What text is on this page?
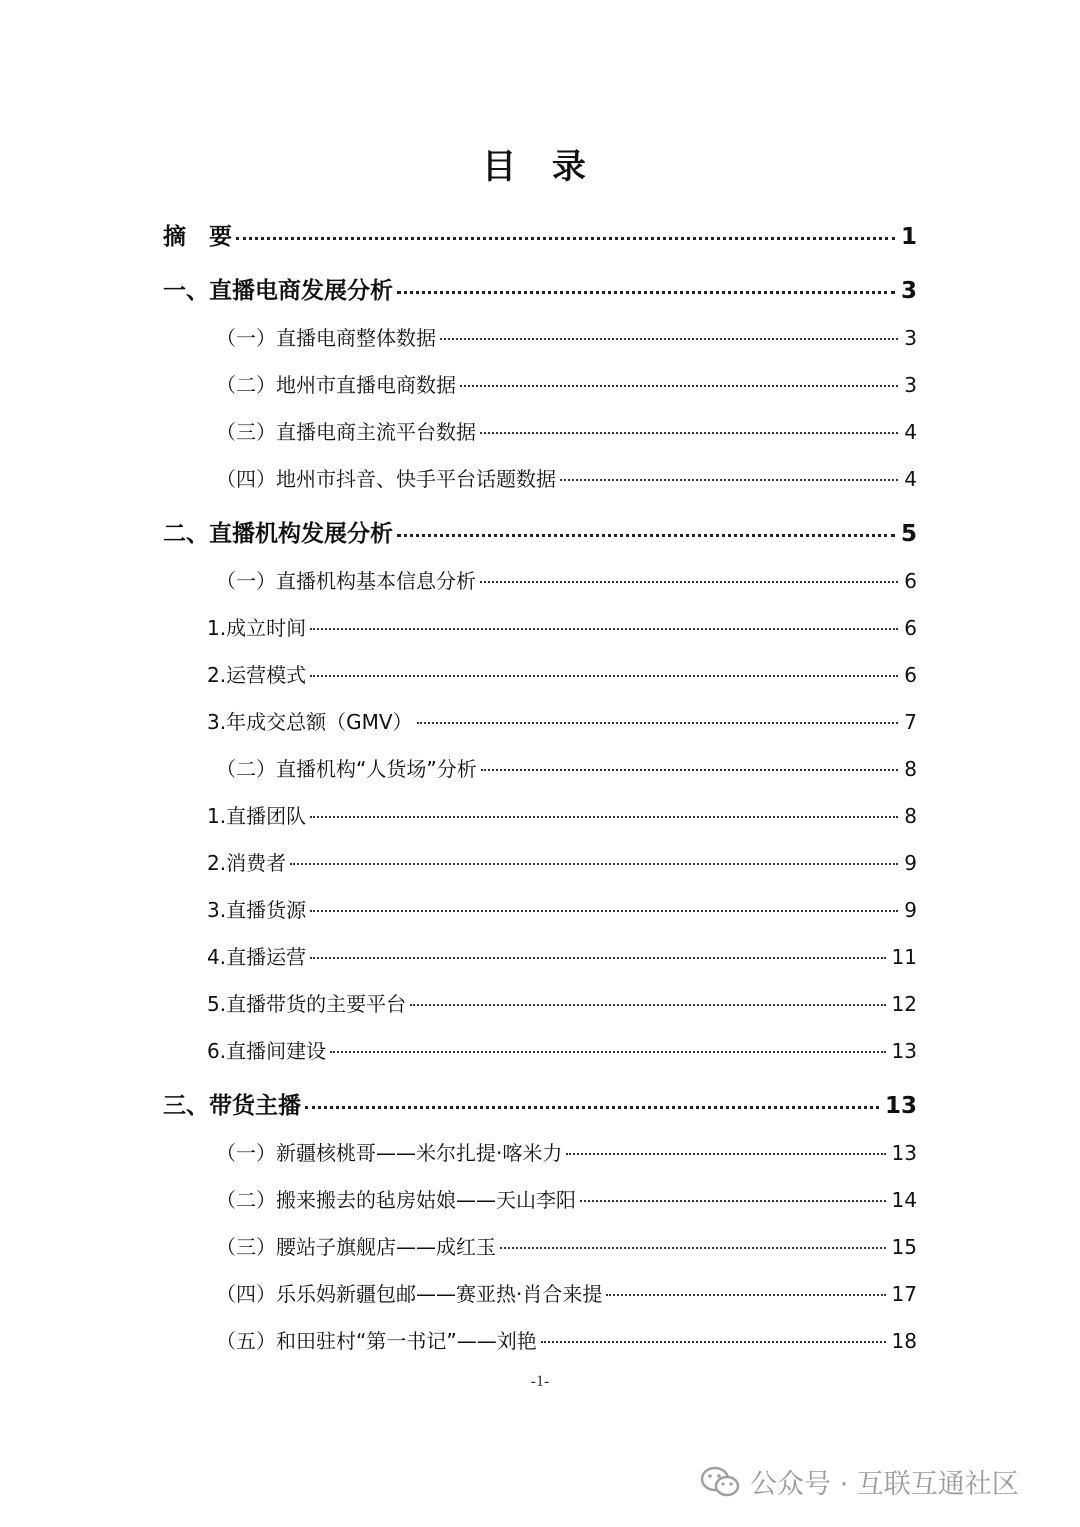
目 录
摘　要	1
一、直播电商发展分析	3
（一）直播电商整体数据	3
（二）地州市直播电商数据	3
（三）直播电商主流平台数据	4
（四）地州市抖音、快手平台话题数据	4
二、直播机构发展分析	5
（一）直播机构基本信息分析	6
1.成立时间	6
2.运营模式	6
3.年成交总额（GMV）	7
（二）直播机构“人货场”分析	8
1.直播团队	8
2.消费者	9
3.直播货源	9
4.直播运营	11
5.直播带货的主要平台	12
6.直播间建设	13
三、带货主播	13
（一）新疆核桃哥——米尔扎提·喀米力	13
（二）搬来搬去的毡房姑娘——天山李阳	14
（三）腰站子旗舰店——成红玉	15
（四）乐乐妈新疆包邮——赛亚热·肖合来提	17
（五）和田驻村“第一书记”——刘艳	18
-1-
公众号 · 互联互通社区
